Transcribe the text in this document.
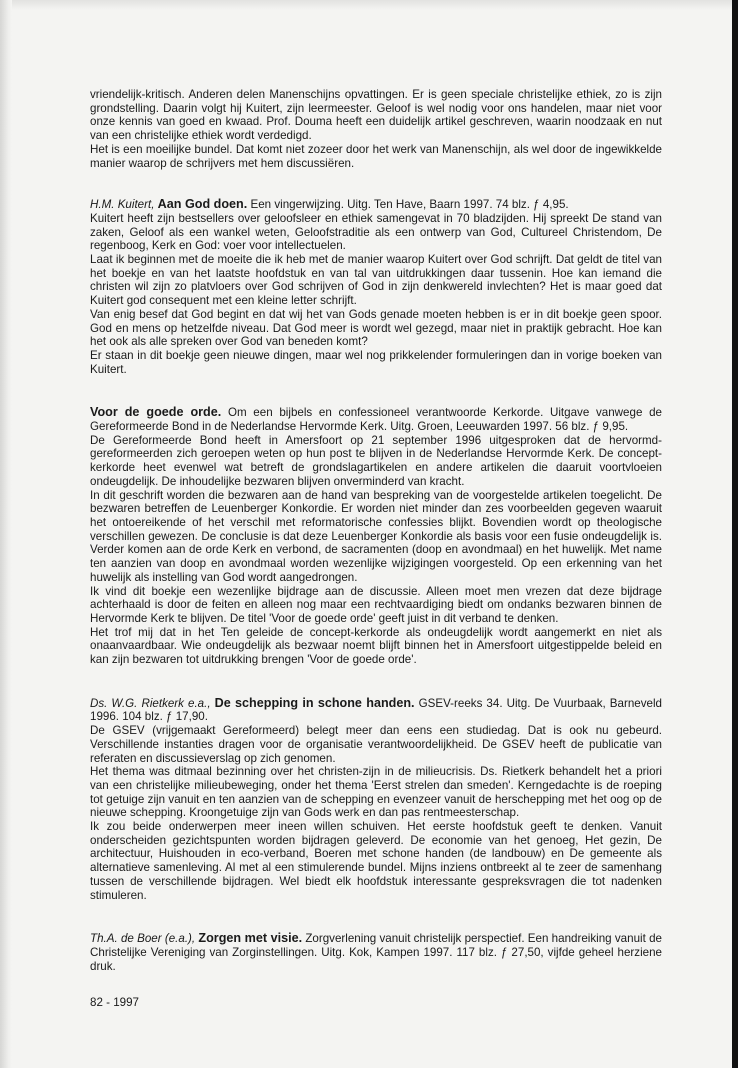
vriendelijk-kritisch. Anderen delen Manenschijns opvattingen. Er is geen speciale christelijke ethiek, zo is zijn grondstelling. Daarin volgt hij Kuitert, zijn leermeester. Geloof is wel nodig voor ons handelen, maar niet voor onze kennis van goed en kwaad. Prof. Douma heeft een duidelijk artikel geschreven, waarin noodzaak en nut van een christelijke ethiek wordt verdedigd.

Het is een moeilijke bundel. Dat komt niet zozeer door het werk van Manenschijn, als wel door de ingewikkelde manier waarop de schrijvers met hem discussiëren.

H.M. Kuitert, Aan God doen. Een vingerwijzing. Uitg. Ten Have, Baarn 1997. 74 blz. ƒ 4,95.

Kuitert heeft zijn bestsellers over geloofsleer en ethiek samengevat in 70 bladzijden. Hij spreekt De stand van zaken, Geloof als een wankel weten, Geloofstraditie als een ontwerp van God, Cultureel Christendom, De regenboog, Kerk en God: voer voor intellectuelen.

Laat ik beginnen met de moeite die ik heb met de manier waarop Kuitert over God schrijft. Dat geldt de titel van het boekje en van het laatste hoofdstuk en van tal van uitdrukkingen daar tussenin. Hoe kan iemand die christen wil zijn zo platvloers over God schrijven of God in zijn denkwereld invlechten? Het is maar goed dat Kuitert god consequent met een kleine letter schrijft.

Van enig besef dat God begint en dat wij het van Gods genade moeten hebben is er in dit boekje geen spoor. God en mens op hetzelfde niveau. Dat God meer is wordt wel gezegd, maar niet in praktijk gebracht. Hoe kan het ook als alle spreken over God van beneden komt?

Er staan in dit boekje geen nieuwe dingen, maar wel nog prikkelender formuleringen dan in vorige boeken van Kuitert.

Voor de goede orde. Om een bijbels en confessioneel verantwoorde Kerkorde. Uitgave vanwege de Gereformeerde Bond in de Nederlandse Hervormde Kerk. Uitg. Groen, Leeuwarden 1997. 56 blz. ƒ 9,95.

De Gereformeerde Bond heeft in Amersfoort op 21 september 1996 uitgesproken dat de hervormd-gereformeerden zich geroepen weten op hun post te blijven in de Nederlandse Hervormde Kerk. De concept-kerkorde heet evenwel wat betreft de grondslagartikelen en andere artikelen die daaruit voortvloeien ondeugdelijk. De inhoudelijke bezwaren blijven onverminderd van kracht.

In dit geschrift worden die bezwaren aan de hand van bespreking van de voorgestelde artikelen toegelicht. De bezwaren betreffen de Leuenberger Konkordie. Er worden niet minder dan zes voorbeelden gegeven waaruit het ontoereikende of het verschil met reformatorische confessies blijkt. Bovendien wordt op theologische verschillen gewezen. De conclusie is dat deze Leuenberger Konkordie als basis voor een fusie ondeugdelijk is. Verder komen aan de orde Kerk en verbond, de sacramenten (doop en avondmaal) en het huwelijk. Met name ten aanzien van doop en avondmaal worden wezenlijke wijzigingen voorgesteld. Op een erkenning van het huwelijk als instelling van God wordt aangedrongen.

Ik vind dit boekje een wezenlijke bijdrage aan de discussie. Alleen moet men vrezen dat deze bijdrage achterhaald is door de feiten en alleen nog maar een rechtvaardiging biedt om ondanks bezwaren binnen de Hervormde Kerk te blijven. De titel 'Voor de goede orde' geeft juist in dit verband te denken.

Het trof mij dat in het Ten geleide de concept-kerkorde als ondeugdelijk wordt aangemerkt en niet als onaanvaardbaar. Wie ondeugdelijk als bezwaar noemt blijft binnen het in Amersfoort uitgestippelde beleid en kan zijn bezwaren tot uitdrukking brengen 'Voor de goede orde'.

Ds. W.G. Rietkerk e.a., De schepping in schone handen. GSEV-reeks 34. Uitg. De Vuurbaak, Barneveld 1996. 104 blz. ƒ 17,90.

De GSEV (vrijgemaakt Gereformeerd) belegt meer dan eens een studiedag. Dat is ook nu gebeurd. Verschillende instanties dragen voor de organisatie verantwoordelijkheid. De GSEV heeft de publicatie van referaten en discussieverslag op zich genomen.

Het thema was ditmaal bezinning over het christen-zijn in de milieucrisis. Ds. Rietkerk behandelt het a priori van een christelijke milieubeweging, onder het thema 'Eerst strelen dan smeden'. Kerngedachte is de roeping tot getuige zijn vanuit en ten aanzien van de schepping en evenzeer vanuit de herschepping met het oog op de nieuwe schepping. Kroongetuige zijn van Gods werk en dan pas rentmeesterschap.

Ik zou beide onderwerpen meer ineen willen schuiven. Het eerste hoofdstuk geeft te denken. Vanuit onderscheiden gezichtspunten worden bijdragen geleverd. De economie van het genoeg, Het gezin, De architectuur, Huishouden in eco-verband, Boeren met schone handen (de landbouw) en De gemeente als alternatieve samenleving. Al met al een stimulerende bundel. Mijns inziens ontbreekt al te zeer de samenhang tussen de verschillende bijdragen. Wel biedt elk hoofdstuk interessante gespreksvragen die tot nadenken stimuleren.

Th.A. de Boer (e.a.), Zorgen met visie. Zorgverlening vanuit christelijk perspectief. Een handreiking vanuit de Christelijke Vereniging van Zorginstellingen. Uitg. Kok, Kampen 1997. 117 blz. ƒ 27,50, vijfde geheel herziene druk.

82 - 1997
